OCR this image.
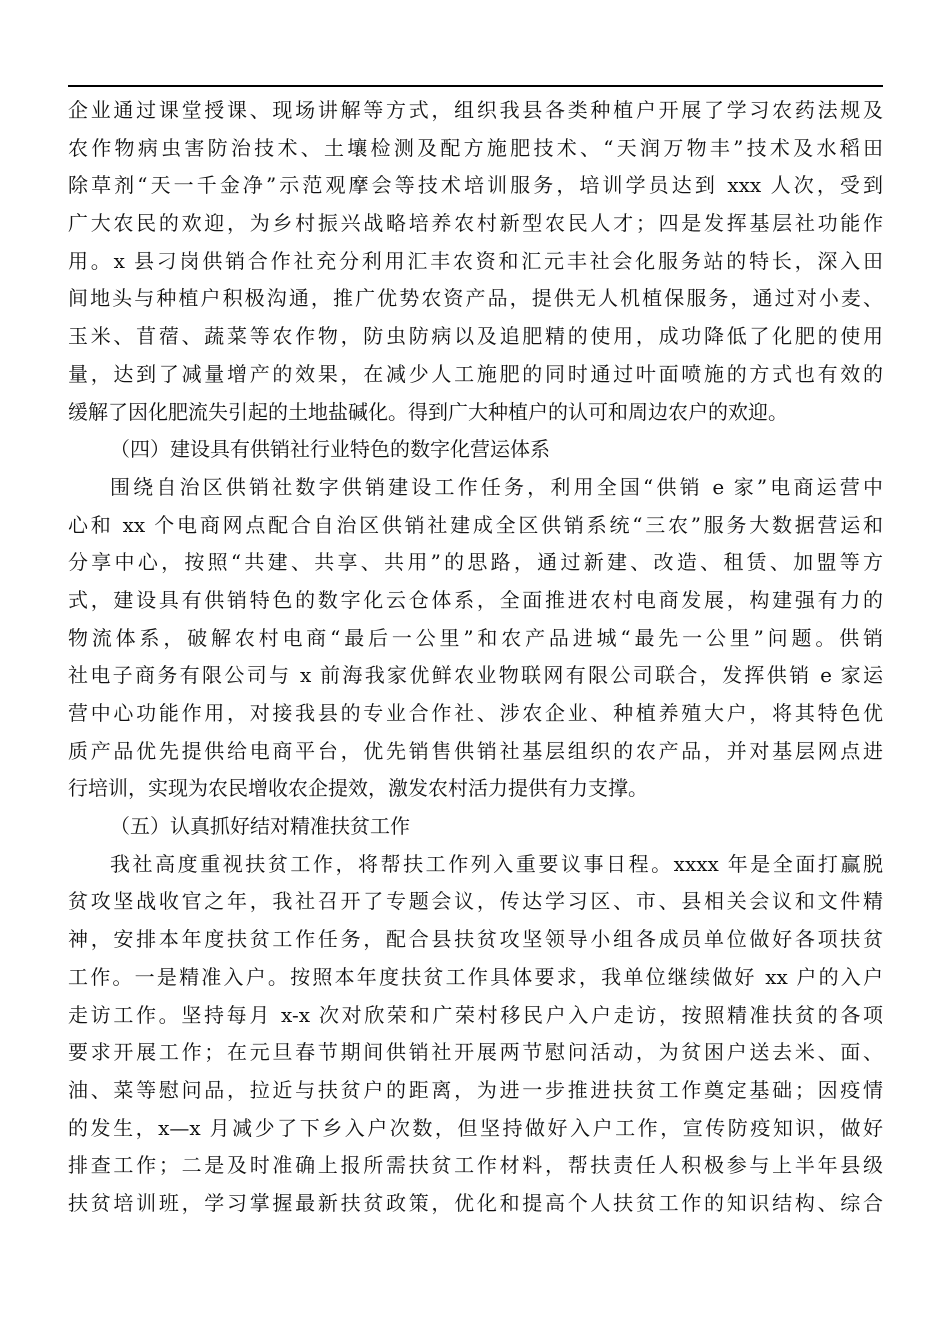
企业通过课堂授课、现场讲解等方式，组织我县各类种植户开展了学习农药法规及
农作物病虫害防治技术、土壤检测及配方施肥技术、“天润万物丰”技术及水稻田
除草剂“天一千金净”示范观摩会等技术培训服务，培训学员达到 xxx 人次，受到
广大农民的欢迎，为乡村振兴战略培养农村新型农民人才；四是发挥基层社功能作
用。x 县刁岗供销合作社充分利用汇丰农资和汇元丰社会化服务站的特长，深入田
间地头与种植户积极沟通，推广优势农资产品，提供无人机植保服务，通过对小麦、
玉米、苜蓿、蔬菜等农作物，防虫防病以及追肥精的使用，成功降低了化肥的使用
量，达到了减量增产的效果，在减少人工施肥的同时通过叶面喷施的方式也有效的
缓解了因化肥流失引起的土地盐碱化。得到广大种植户的认可和周边农户的欢迎。
（四）建设具有供销社行业特色的数字化营运体系
围绕自治区供销社数字供销建设工作任务，利用全国“供销 e 家”电商运营中
心和 xx 个电商网点配合自治区供销社建成全区供销系统“三农”服务大数据营运和
分享中心，按照“共建、共享、共用”的思路，通过新建、改造、租赁、加盟等方
式，建设具有供销特色的数字化云仓体系，全面推进农村电商发展，构建强有力的
物流体系，破解农村电商“最后一公里”和农产品进城“最先一公里”问题。供销
社电子商务有限公司与 x 前海我家优鲜农业物联网有限公司联合，发挥供销 e 家运
营中心功能作用，对接我县的专业合作社、涉农企业、种植养殖大户，将其特色优
质产品优先提供给电商平台，优先销售供销社基层组织的农产品，并对基层网点进
行培训，实现为农民增收农企提效，激发农村活力提供有力支撑。
（五）认真抓好结对精准扶贫工作
我社高度重视扶贫工作，将帮扶工作列入重要议事日程。xxxx 年是全面打赢脱
贫攻坚战收官之年，我社召开了专题会议，传达学习区、市、县相关会议和文件精
神，安排本年度扶贫工作任务，配合县扶贫攻坚领导小组各成员单位做好各项扶贫
工作。一是精准入户。按照本年度扶贫工作具体要求，我单位继续做好 xx 户的入户
走访工作。坚持每月 x-x 次对欣荣和广荣村移民户入户走访，按照精准扶贫的各项
要求开展工作；在元旦春节期间供销社开展两节慰问活动，为贫困户送去米、面、
油、菜等慰问品，拉近与扶贫户的距离，为进一步推进扶贫工作奠定基础；因疫情
的发生，x—x 月减少了下乡入户次数，但坚持做好入户工作，宣传防疫知识，做好
排查工作；二是及时准确上报所需扶贫工作材料，帮扶责任人积极参与上半年县级
扶贫培训班，学习掌握最新扶贫政策，优化和提高个人扶贫工作的知识结构、综合
